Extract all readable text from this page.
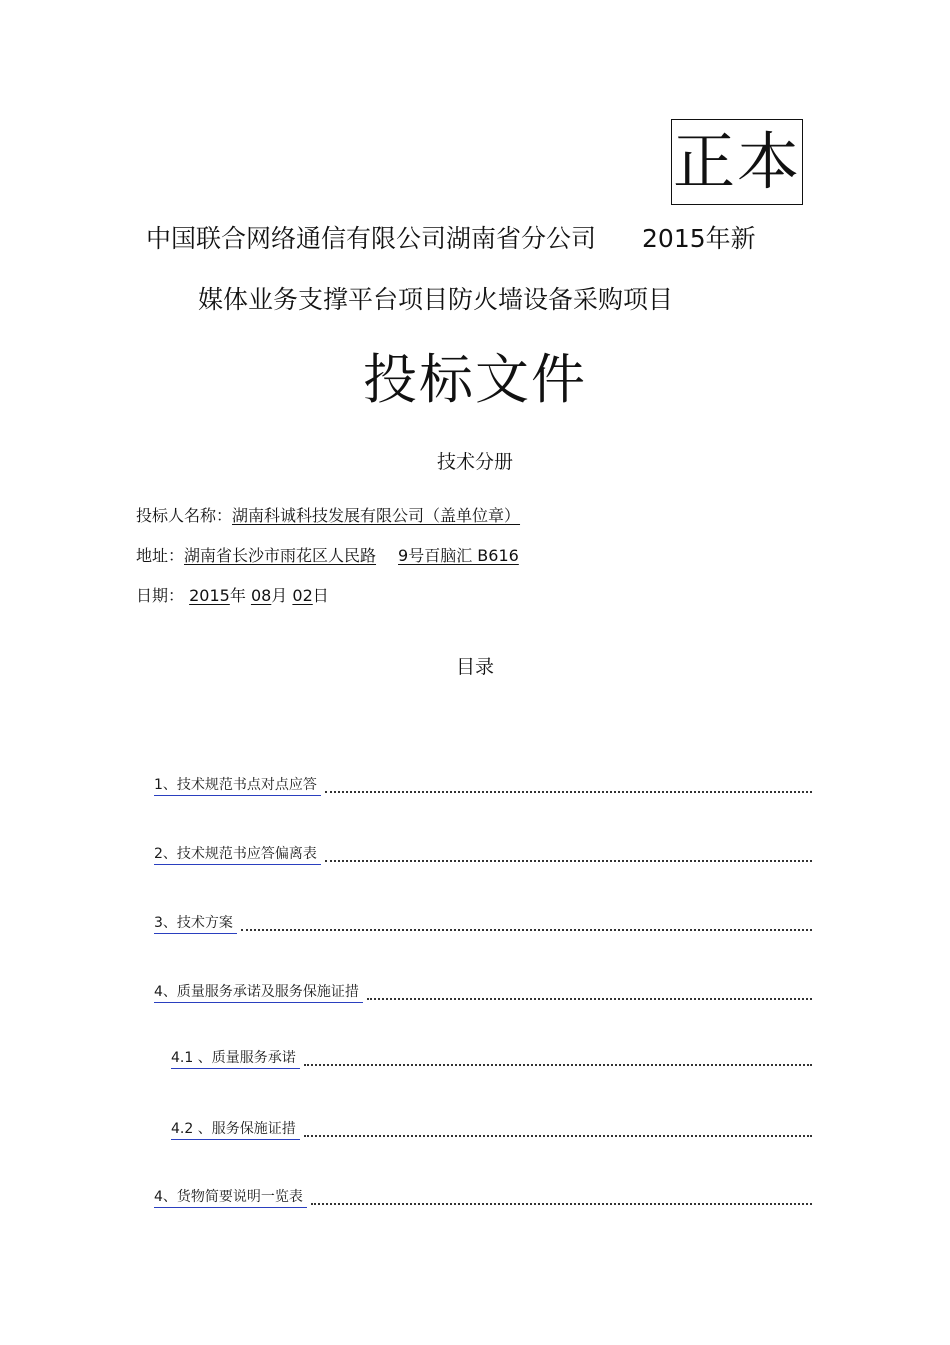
正本
中国联合网络通信有限公司湖南省分公司 2015年新
媒体业务支撑平台项目防火墙设备采购项目
投标文件
技术分册
投标人名称：湖南科诚科技发展有限公司（盖单位章）
地址：湖南省长沙市雨花区人民路 9号百脑汇 B616
日期： 2015年 08月 02日
目录
1、技术规范书点对点应答
2、技术规范书应答偏离表
3、技术方案
4、质量服务承诺及服务保施证措
4.1 、质量服务承诺
4.2 、服务保施证措
4、货物简要说明一览表
